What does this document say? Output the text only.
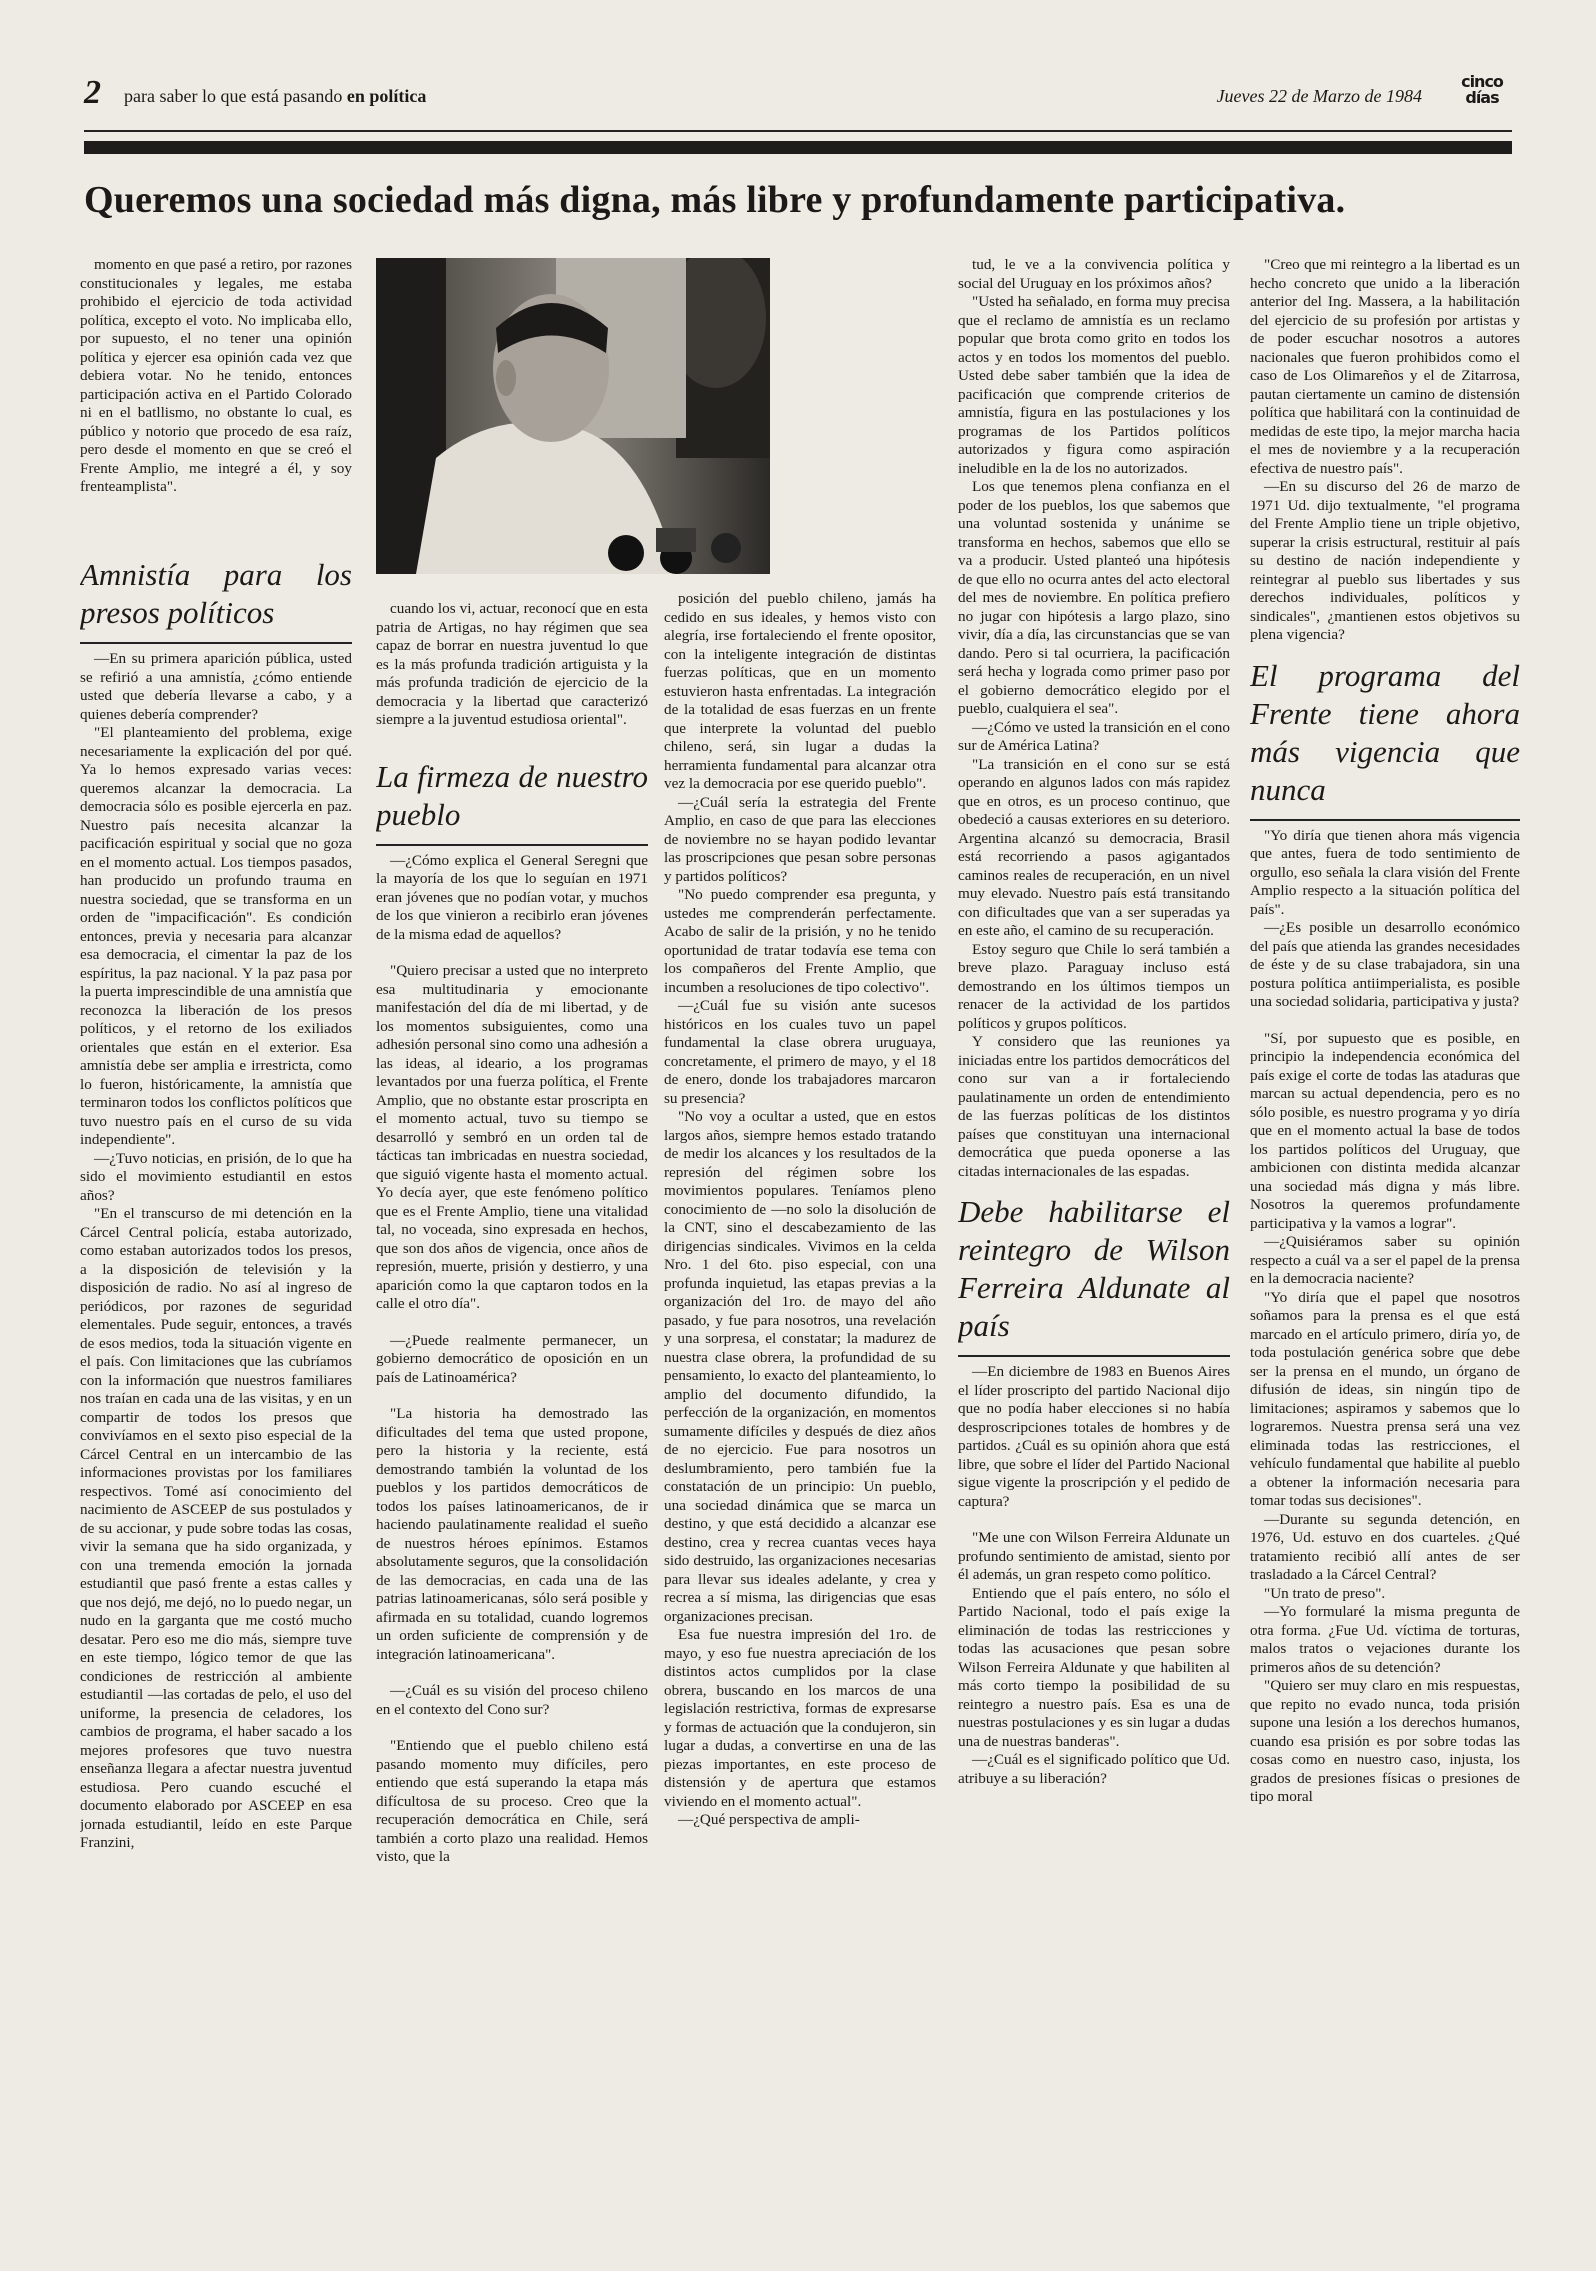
2 para saber lo que está pasando en política	Jueves 22 de Marzo de 1984
cinco
días
Queremos una sociedad más digna, más libre y profundamente participativa.

momento en que pasé a retiro, por razones constitucionales y legales, me estaba prohibido el ejercicio de toda actividad política, excepto el voto. No implicaba ello, por supuesto, el no tener una opinión política y ejercer esa opinión cada vez que debiera votar. No he tenido, entonces participación activa en el Partido Colorado ni en el batllismo, no obstante lo cual, es público y notorio que procedo de esa raíz, pero desde el momento en que se creó el Frente Amplio, me integré a él, y soy frenteamplista".

Amnistía para los presos políticos

—En su primera aparición pública, usted se refirió a una amnistía, ¿cómo entiende usted que debería llevarse a cabo, y a quienes debería comprender?

"El planteamiento del problema, exige necesariamente la explicación del por qué. Ya lo hemos expresado varias veces: queremos alcanzar la democracia. La democracia sólo es posible ejercerla en paz. Nuestro país necesita alcanzar la pacificación espiritual y social que no goza en el momento actual. Los tiempos pasados, han producido un profundo trauma en nuestra sociedad, que se transforma en un orden de "impacificación". Es condición entonces, previa y necesaria para alcanzar esa democracia, el cimentar la paz de los espíritus, la paz nacional. Y la paz pasa por la puerta imprescindible de una amnistía que reconozca la liberación de los presos políticos, y el retorno de los exiliados orientales que están en el exterior. Esa amnistía debe ser amplia e irrestricta, como lo fueron, históricamente, la amnistía que terminaron todos los conflictos políticos que tuvo nuestro país en el curso de su vida independiente".

—¿Tuvo noticias, en prisión, de lo que ha sido el movimiento estudiantil en estos años?

"En el transcurso de mi detención en la Cárcel Central policía, estaba autorizado, como estaban autorizados todos los presos, a la disposición de televisión y la disposición de radio. No así al ingreso de periódicos, por razones de seguridad elementales. Pude seguir, entonces, a través de esos medios, toda la situación vigente en el país. Con limitaciones que las cubríamos con la información que nuestros familiares nos traían en cada una de las visitas, y en un compartir de todos los presos que convivíamos en el sexto piso especial de la Cárcel Central en un intercambio de las informaciones provistas por los familiares respectivos. Tomé así conocimiento del nacimiento de ASCEEP de sus postulados y de su accionar, y pude sobre todas las cosas, vivir la semana que ha sido organizada, y con una tremenda emoción la jornada estudiantil que pasó frente a estas calles y que nos dejó, me dejó, no lo puedo negar, un nudo en la garganta que me costó mucho desatar. Pero eso me dio más, siempre tuve en este tiempo, lógico temor de que las condiciones de restricción al ambiente estudiantil —las cortadas de pelo, el uso del uniforme, la presencia de celadores, los cambios de programa, el haber sacado a los mejores profesores que tuvo nuestra enseñanza llegara a afectar nuestra juventud estudiosa. Pero cuando escuché el documento elaborado por ASCEEP en esa jornada estudiantil, leído en este Parque Franzini,

cuando los vi, actuar, reconocí que en esta patria de Artigas, no hay régimen que sea capaz de borrar en nuestra juventud lo que es la más profunda tradición artiguista y la más profunda tradición de ejercicio de la democracia y la libertad que caracterizó siempre a la juventud estudiosa oriental".

La firmeza de nuestro pueblo

—¿Cómo explica el General Seregni que la mayoría de los que lo seguían en 1971 eran jóvenes que no podían votar, y muchos de los que vinieron a recibirlo eran jóvenes de la misma edad de aquellos?

"Quiero precisar a usted que no interpreto esa multitudinaria y emocionante manifestación del día de mi libertad, y de los momentos subsiguientes, como una adhesión personal sino como una adhesión a las ideas, al ideario, a los programas levantados por una fuerza política, el Frente Amplio, que no obstante estar proscripta en el momento actual, tuvo su tiempo se desarrolló y sembró en un orden tal de tácticas tan imbricadas en nuestra sociedad, que siguió vigente hasta el momento actual. Yo decía ayer, que este fenómeno político que es el Frente Amplio, tiene una vitalidad tal, no voceada, sino expresada en hechos, que son dos años de vigencia, once años de represión, muerte, prisión y destierro, y una aparición como la que captaron todos en la calle el otro día".

—¿Puede realmente permanecer, un gobierno democrático de oposición en un país de Latinoamérica?

"La historia ha demostrado las dificultades del tema que usted propone, pero la historia y la reciente, está demostrando también la voluntad de los pueblos y los partidos democráticos de todos los países latinoamericanos, de ir haciendo paulatinamente realidad el sueño de nuestros héroes epínimos. Estamos absolutamente seguros, que la consolidación de las democracias, en cada una de las patrias latinoamericanas, sólo será posible y afirmada en su totalidad, cuando logremos un orden suficiente de comprensión y de integración latinoamericana".

—¿Cuál es su visión del proceso chileno en el contexto del Cono sur?

"Entiendo que el pueblo chileno está pasando momento muy difíciles, pero entiendo que está superando la etapa más difícultosa de su proceso. Creo que la recuperación democrática en Chile, será también a corto plazo una realidad. Hemos visto, que la

posición del pueblo chileno, jamás ha cedido en sus ideales, y hemos visto con alegría, irse fortaleciendo el frente opositor, con la inteligente integración de distintas fuerzas políticas, que en un momento estuvieron hasta enfrentadas. La integración de la totalidad de esas fuerzas en un frente que interprete la voluntad del pueblo chileno, será, sin lugar a dudas la herramienta fundamental para alcanzar otra vez la democracia por ese querido pueblo".

—¿Cuál sería la estrategia del Frente Amplio, en caso de que para las elecciones de noviembre no se hayan podido levantar las proscripciones que pesan sobre personas y partidos políticos?

"No puedo comprender esa pregunta, y ustedes me comprenderán perfectamente. Acabo de salir de la prisión, y no he tenido oportunidad de tratar todavía ese tema con los compañeros del Frente Amplio, que incumben a resoluciones de tipo colectivo".

—¿Cuál fue su visión ante sucesos históricos en los cuales tuvo un papel fundamental la clase obrera uruguaya, concretamente, el primero de mayo, y el 18 de enero, donde los trabajadores marcaron su presencia?

"No voy a ocultar a usted, que en estos largos años, siempre hemos estado tratando de medir los alcances y los resultados de la represión del régimen sobre los movimientos populares. Teníamos pleno conocimiento de —no solo la disolución de la CNT, sino el descabezamiento de las dirigencias sindicales. Vivimos en la celda Nro. 1 del 6to. piso especial, con una profunda inquietud, las etapas previas a la organización del 1ro. de mayo del año pasado, y fue para nosotros, una revelación y una sorpresa, el constatar; la madurez de nuestra clase obrera, la profundidad de su pensamiento, lo exacto del planteamiento, lo amplio del documento difundido, la perfección de la organización, en momentos sumamente difíciles y después de diez años de no ejercicio. Fue para nosotros un deslumbramiento, pero también fue la constatación de un principio: Un pueblo, una sociedad dinámica que se marca un destino, y que está decidido a alcanzar ese destino, crea y recrea cuantas veces haya sido destruido, las organizaciones necesarias para llevar sus ideales adelante, y crea y recrea a sí misma, las dirigencias que esas organizaciones precisan.

Esa fue nuestra impresión del 1ro. de mayo, y eso fue nuestra apreciación de los distintos actos cumplidos por la clase obrera, buscando en los marcos de una legislación restrictiva, formas de expresarse y formas de actuación que la condujeron, sin lugar a dudas, a convertirse en una de las piezas importantes, en este proceso de distensión y de apertura que estamos viviendo en el momento actual".

—¿Qué perspectiva de ampli-

tud, le ve a la convivencia política y social del Uruguay en los próximos años?

"Usted ha señalado, en forma muy precisa que el reclamo de amnistía es un reclamo popular que brota como grito en todos los actos y en todos los momentos del pueblo. Usted debe saber también que la idea de pacificación que comprende criterios de amnistía, figura en las postulaciones y los programas de los Partidos políticos autorizados y figura como aspiración ineludible en la de los no autorizados.

Los que tenemos plena confianza en el poder de los pueblos, los que sabemos que una voluntad sostenida y unánime se transforma en hechos, sabemos que ello se va a producir. Usted planteó una hipótesis de que ello no ocurra antes del acto electoral del mes de noviembre. En política prefiero no jugar con hipótesis a largo plazo, sino vivir, día a día, las circunstancias que se van dando. Pero si tal ocurriera, la pacificación será hecha y lograda como primer paso por el gobierno democrático elegido por el pueblo, cualquiera el sea".

—¿Cómo ve usted la transición en el cono sur de América Latina?

"La transición en el cono sur se está operando en algunos lados con más rapidez que en otros, es un proceso continuo, que obedeció a causas exteriores en su deterioro. Argentina alcanzó su democracia, Brasil está recorriendo a pasos agigantados caminos reales de recuperación, en un nivel muy elevado. Nuestro país está transitando con dificultades que van a ser superadas ya en este año, el camino de su recuperación.

Estoy seguro que Chile lo será también a breve plazo. Paraguay incluso está demostrando en los últimos tiempos un renacer de la actividad de los partidos políticos y grupos políticos.

Y considero que las reuniones ya iniciadas entre los partidos democráticos del cono sur van a ir fortaleciendo paulatinamente un orden de entendimiento de las fuerzas políticas de los distintos países que constituyan una internacional democrática que pueda oponerse a las citadas internacionales de las espadas.

Debe habilitarse el reintegro de Wilson Ferreira Aldunate al país

—En diciembre de 1983 en Buenos Aires el líder proscripto del partido Nacional dijo que no podía haber elecciones si no había desproscripciones totales de hombres y de partidos. ¿Cuál es su opinión ahora que está libre, que sobre el líder del Partido Nacional sigue vigente la proscripción y el pedido de captura?

"Me une con Wilson Ferreira Aldunate un profundo sentimiento de amistad, siento por él además, un gran respeto como político.

Entiendo que el país entero, no sólo el Partido Nacional, todo el país exige la eliminación de todas las restricciones y todas las acusaciones que pesan sobre Wilson Ferreira Aldunate y que habiliten al más corto tiempo la posibilidad de su reintegro a nuestro país. Esa es una de nuestras postulaciones y es sin lugar a dudas una de nuestras banderas".

—¿Cuál es el significado político que Ud. atribuye a su liberación?

"Creo que mi reintegro a la libertad es un hecho concreto que unido a la liberación anterior del Ing. Massera, a la habilitación del ejercicio de su profesión por artistas y de poder escuchar nosotros a autores nacionales que fueron prohibidos como el caso de Los Olimareños y el de Zitarrosa, pautan ciertamente un camino de distensión política que habilitará con la continuidad de medidas de este tipo, la mejor marcha hacia el mes de noviembre y a la recuperación efectiva de nuestro país".

—En su discurso del 26 de marzo de 1971 Ud. dijo textualmente, "el programa del Frente Amplio tiene un triple objetivo, superar la crisis estructural, restituir al país su destino de nación independiente y reintegrar al pueblo sus libertades y sus derechos individuales, políticos y sindicales", ¿mantienen estos objetivos su plena vigencia?

El programa del Frente tiene ahora más vigencia que nunca

"Yo diría que tienen ahora más vigencia que antes, fuera de todo sentimiento de orgullo, eso señala la clara visión del Frente Amplio respecto a la situación política del país".

—¿Es posible un desarrollo económico del país que atienda las grandes necesidades de éste y de su clase trabajadora, sin una postura política antiimperialista, es posible una sociedad solidaria, participativa y justa?

"Sí, por supuesto que es posible, en principio la independencia económica del país exige el corte de todas las ataduras que marcan su actual dependencia, pero es no sólo posible, es nuestro programa y yo diría que en el momento actual la base de todos los partidos políticos del Uruguay, que ambicionen con distinta medida alcanzar una sociedad más digna y más libre. Nosotros la queremos profundamente participativa y la vamos a lograr".

—¿Quisiéramos saber su opinión respecto a cuál va a ser el papel de la prensa en la democracia naciente?

"Yo diría que el papel que nosotros soñamos para la prensa es el que está marcado en el artículo primero, diría yo, de toda postulación genérica sobre que debe ser la prensa en el mundo, un órgano de difusión de ideas, sin ningún tipo de limitaciones; aspiramos y sabemos que lo lograremos. Nuestra prensa será una vez eliminada todas las restricciones, el vehículo fundamental que habilite al pueblo a obtener la información necesaria para tomar todas sus decisiones".

—Durante su segunda detención, en 1976, Ud. estuvo en dos cuarteles. ¿Qué tratamiento recibió allí antes de ser trasladado a la Cárcel Central?

"Un trato de preso".

—Yo formularé la misma pregunta de otra forma. ¿Fue Ud. víctima de torturas, malos tratos o vejaciones durante los primeros años de su detención?

"Quiero ser muy claro en mis respuestas, que repito no evado nunca, toda prisión supone una lesión a los derechos humanos, cuando esa prisión es por sobre todas las cosas como en nuestro caso, injusta, los grados de presiones físicas o presiones de tipo moral
